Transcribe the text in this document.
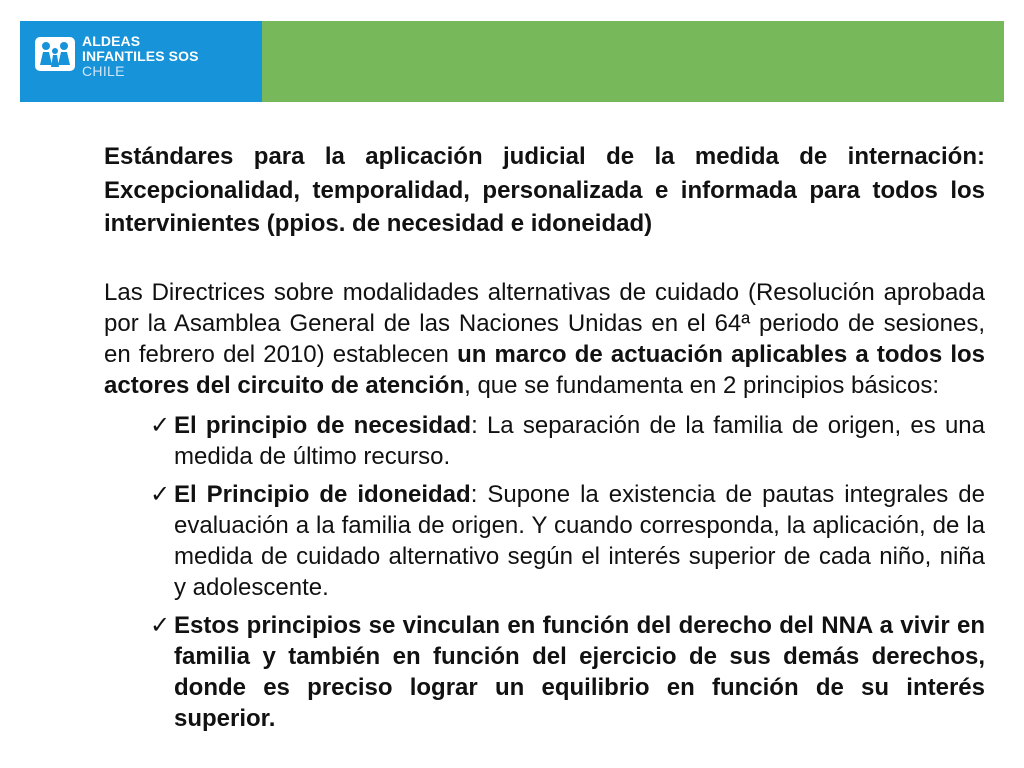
ALDEAS
INFANTILES SOS
CHILE

Estándares para la aplicación judicial de la medida de internación: Excepcionalidad, temporalidad, personalizada e informada para todos los intervinientes (ppios. de necesidad e idoneidad)

Las Directrices sobre modalidades alternativas de cuidado (Resolución aprobada por la Asamblea General de las Naciones Unidas en el 64ª periodo de sesiones, en febrero del 2010) establecen un marco de actuación aplicables a todos los actores del circuito de atención, que se fundamenta en 2 principios básicos:

✓ El principio de necesidad: La separación de la familia de origen, es una medida de último recurso.
✓ El Principio de idoneidad: Supone la existencia de pautas integrales de evaluación a la familia de origen. Y cuando corresponda, la aplicación, de la medida de cuidado alternativo según el interés superior de cada niño, niña y adolescente.
✓ Estos principios se vinculan en función del derecho del NNA a vivir en familia y también en función del ejercicio de sus demás derechos, donde es preciso lograr un equilibrio en función de su interés superior.
